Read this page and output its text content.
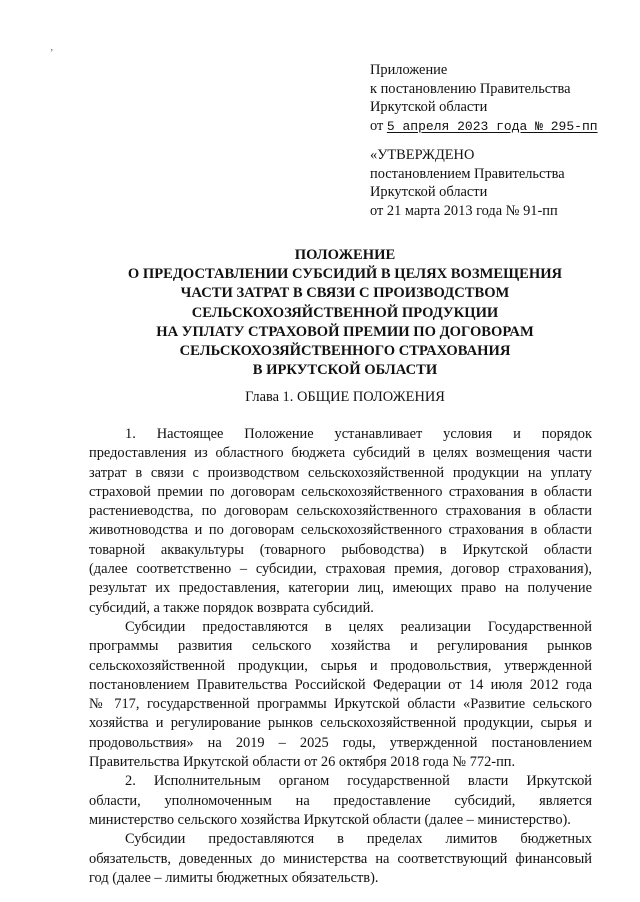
’
Приложение
к постановлению Правительства
Иркутской области
от 5 апреля 2023 года № 295-пп
«УТВЕРЖДЕНО
постановлением Правительства
Иркутской области
от 21 марта 2013 года № 91-пп
ПОЛОЖЕНИЕ
О ПРЕДОСТАВЛЕНИИ СУБСИДИЙ В ЦЕЛЯХ ВОЗМЕЩЕНИЯ
ЧАСТИ ЗАТРАТ В СВЯЗИ С ПРОИЗВОДСТВОМ
СЕЛЬСКОХОЗЯЙСТВЕННОЙ ПРОДУКЦИИ
НА УПЛАТУ СТРАХОВОЙ ПРЕМИИ ПО ДОГОВОРАМ
СЕЛЬСКОХОЗЯЙСТВЕННОГО СТРАХОВАНИЯ
В ИРКУТСКОЙ ОБЛАСТИ
Глава 1. ОБЩИЕ ПОЛОЖЕНИЯ
1. Настоящее Положение устанавливает условия и порядок
предоставления из областного бюджета субсидий в целях возмещения части
затрат в связи с производством сельскохозяйственной продукции на уплату
страховой премии по договорам сельскохозяйственного страхования в области
растениеводства, по договорам сельскохозяйственного страхования в области
животноводства и по договорам сельскохозяйственного страхования в области
товарной аквакультуры (товарного рыбоводства) в Иркутской области
(далее соответственно – субсидии, страховая премия, договор страхования),
результат их предоставления, категории лиц, имеющих право на получение
субсидий, а также порядок возврата субсидий.
Субсидии предоставляются в целях реализации Государственной
программы развития сельского хозяйства и регулирования рынков
сельскохозяйственной продукции, сырья и продовольствия, утвержденной
постановлением Правительства Российской Федерации от 14 июля 2012 года
№ 717, государственной программы Иркутской области «Развитие сельского
хозяйства и регулирование рынков сельскохозяйственной продукции, сырья и
продовольствия» на 2019 – 2025 годы, утвержденной постановлением
Правительства Иркутской области от 26 октября 2018 года № 772-пп.
2. Исполнительным органом государственной власти Иркутской
области, уполномоченным на предоставление субсидий, является
министерство сельского хозяйства Иркутской области (далее – министерство).
Субсидии предоставляются в пределах лимитов бюджетных
обязательств, доведенных до министерства на соответствующий финансовый
год (далее – лимиты бюджетных обязательств).
